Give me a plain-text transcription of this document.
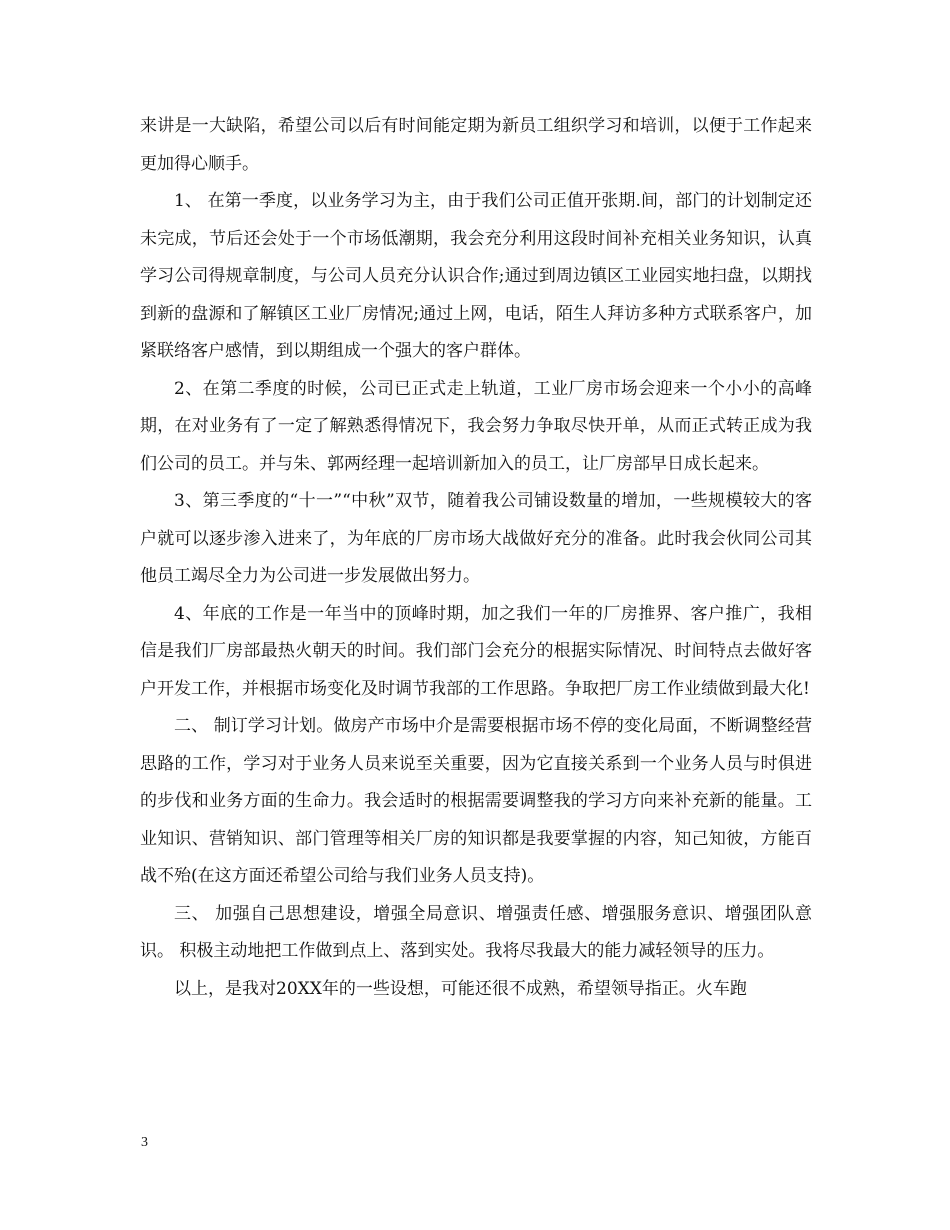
来讲是一大缺陷，希望公司以后有时间能定期为新员工组织学习和培训，以便于工作起来更加得心顺手。

1、 在第一季度，以业务学习为主，由于我们公司正值开张期.间，部门的计划制定还未完成，节后还会处于一个市场低潮期，我会充分利用这段时间补充相关业务知识，认真学习公司得规章制度，与公司人员充分认识合作;通过到周边镇区工业园实地扫盘，以期找到新的盘源和了解镇区工业厂房情况;通过上网，电话，陌生人拜访多种方式联系客户，加紧联络客户感情，到以期组成一个强大的客户群体。

2、在第二季度的时候，公司已正式走上轨道，工业厂房市场会迎来一个小小的高峰期，在对业务有了一定了解熟悉得情况下，我会努力争取尽快开单，从而正式转正成为我们公司的员工。并与朱、郭两经理一起培训新加入的员工，让厂房部早日成长起来。

3、第三季度的“十一”“中秋”双节，随着我公司铺设数量的增加，一些规模较大的客户就可以逐步渗入进来了，为年底的厂房市场大战做好充分的准备。此时我会伙同公司其他员工竭尽全力为公司进一步发展做出努力。

4、年底的工作是一年当中的顶峰时期，加之我们一年的厂房推界、客户推广，我相信是我们厂房部最热火朝天的时间。我们部门会充分的根据实际情况、时间特点去做好客户开发工作，并根据市场变化及时调节我部的工作思路。争取把厂房工作业绩做到最大化!

二、 制订学习计划。做房产市场中介是需要根据市场不停的变化局面，不断调整经营思路的工作，学习对于业务人员来说至关重要，因为它直接关系到一个业务人员与时俱进的步伐和业务方面的生命力。我会适时的根据需要调整我的学习方向来补充新的能量。工业知识、营销知识、部门管理等相关厂房的知识都是我要掌握的内容，知己知彼，方能百战不殆(在这方面还希望公司给与我们业务人员支持)。

三、 加强自己思想建设，增强全局意识、增强责任感、增强服务意识、增强团队意识。 积极主动地把工作做到点上、落到实处。我将尽我最大的能力减轻领导的压力。

以上，是我对20XX年的一些设想，可能还很不成熟，希望领导指正。火车跑

3
